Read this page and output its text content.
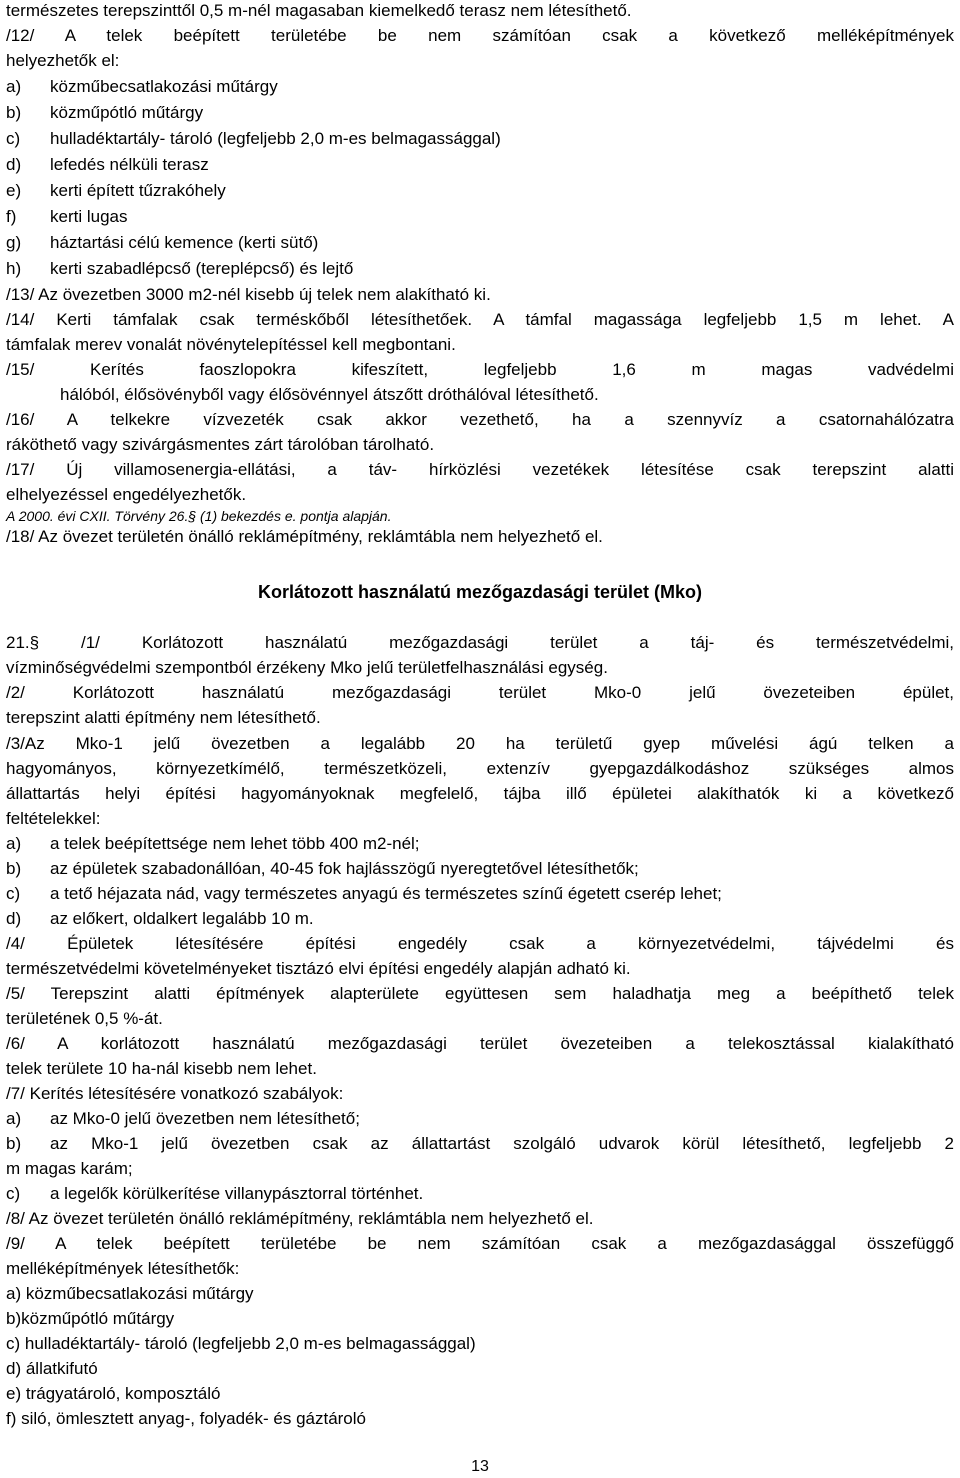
természetes terepszinttől 0,5 m-nél magasaban kiemelkedő terasz nem létesíthető.
/12/ A telek beépített területébe be nem számítóan csak a következő melléképítmények
helyezhetők el:
a) közműbecsatlakozási műtárgy
b) közműpótló műtárgy
c) hulladéktartály- tároló (legfeljebb 2,0 m-es belmagassággal)
d) lefedés nélküli terasz
e) kerti épített tűzrakóhely
f) kerti lugas
g) háztartási célú kemence (kerti sütő)
h) kerti szabadlépcső (tereplépcső) és lejtő
/13/ Az övezetben 3000 m2-nél kisebb új telek nem alakítható ki.
/14/ Kerti támfalak csak terméskőből létesíthetőek. A támfal magassága legfeljebb 1,5 m lehet. A
támfalak merev vonalát növénytelepítéssel kell megbontani.
/15/ Kerítés faoszlopokra kifeszített, legfeljebb 1,6 m magas vadvédelmi
hálóból, élősövényből vagy élősövénnyel átszőtt dróthálóval létesíthető.
/16/ A telkekre vízvezeték csak akkor vezethető, ha a szennyvíz a csatornahálózatra
ráköthető vagy szivárgásmentes zárt tárolóban tárolható.
/17/ Új villamosenergia-ellátási, a táv- hírközlési vezetékek létesítése csak terepszint alatti
elhelyezéssel engedélyezhetők.
A 2000. évi CXII. Törvény 26.§ (1) bekezdés e. pontja alapján.
/18/ Az övezet területén önálló reklámépítmény, reklámtábla nem helyezhető el.
Korlátozott használatú mezőgazdasági terület (Mko)
21.§ /1/ Korlátozott használatú mezőgazdasági terület a táj- és természetvédelmi,
vízminőségvédelmi szempontból érzékeny Mko jelű területfelhasználási egység.
/2/ Korlátozott használatú mezőgazdasági terület Mko-0 jelű övezeteiben épület,
terepszint alatti építmény nem létesíthető.
/3/Az Mko-1 jelű övezetben a legalább 20 ha területű gyep művelési ágú telken a
hagyományos, környezetkímélő, természetközeli, extenzív gyepgazdálkodáshoz szükséges almos
állattartás helyi építési hagyományoknak megfelelő, tájba illő épületei alakíthatók ki a következő
feltételekkel:
a) a telek beépítettsége nem lehet több 400 m2-nél;
b) az épületek szabadonállóan, 40-45 fok hajlásszögű nyeregtetővel létesíthetők;
c) a tető héjazata nád, vagy természetes anyagú és természetes színű égetett cserép lehet;
d) az előkert, oldalkert legalább 10 m.
/4/ Épületek létesítésére építési engedély csak a környezetvédelmi, tájvédelmi és
természetvédelmi követelményeket tisztázó elvi építési engedély alapján adható ki.
/5/ Terepszint alatti építmények alapterülete együttesen sem haladhatja meg a beépíthető telek
területének 0,5 %-át.
/6/ A korlátozott használatú mezőgazdasági terület övezeteiben a telekosztással kialakítható
telek területe 10 ha-nál kisebb nem lehet.
/7/ Kerítés létesítésére vonatkozó szabályok:
a) az Mko-0 jelű övezetben nem létesíthető;
b) az Mko-1 jelű övezetben csak az állattartást szolgáló udvarok körül létesíthető, legfeljebb 2
m magas karám;
c) a legelők körülkerítése villanypásztorral történhet.
/8/ Az övezet területén önálló reklámépítmény, reklámtábla nem helyezhető el.
/9/ A telek beépített területébe be nem számítóan csak a mezőgazdasággal összefüggő
melléképítmények létesíthetők:
a) közműbecsatlakozási műtárgy
b)közműpótló műtárgy
c) hulladéktartály- tároló (legfeljebb 2,0 m-es belmagassággal)
d) állatkifutó
e) trágyatároló, komposztáló
f) siló, ömlesztett anyag-, folyadék- és gáztároló
13
